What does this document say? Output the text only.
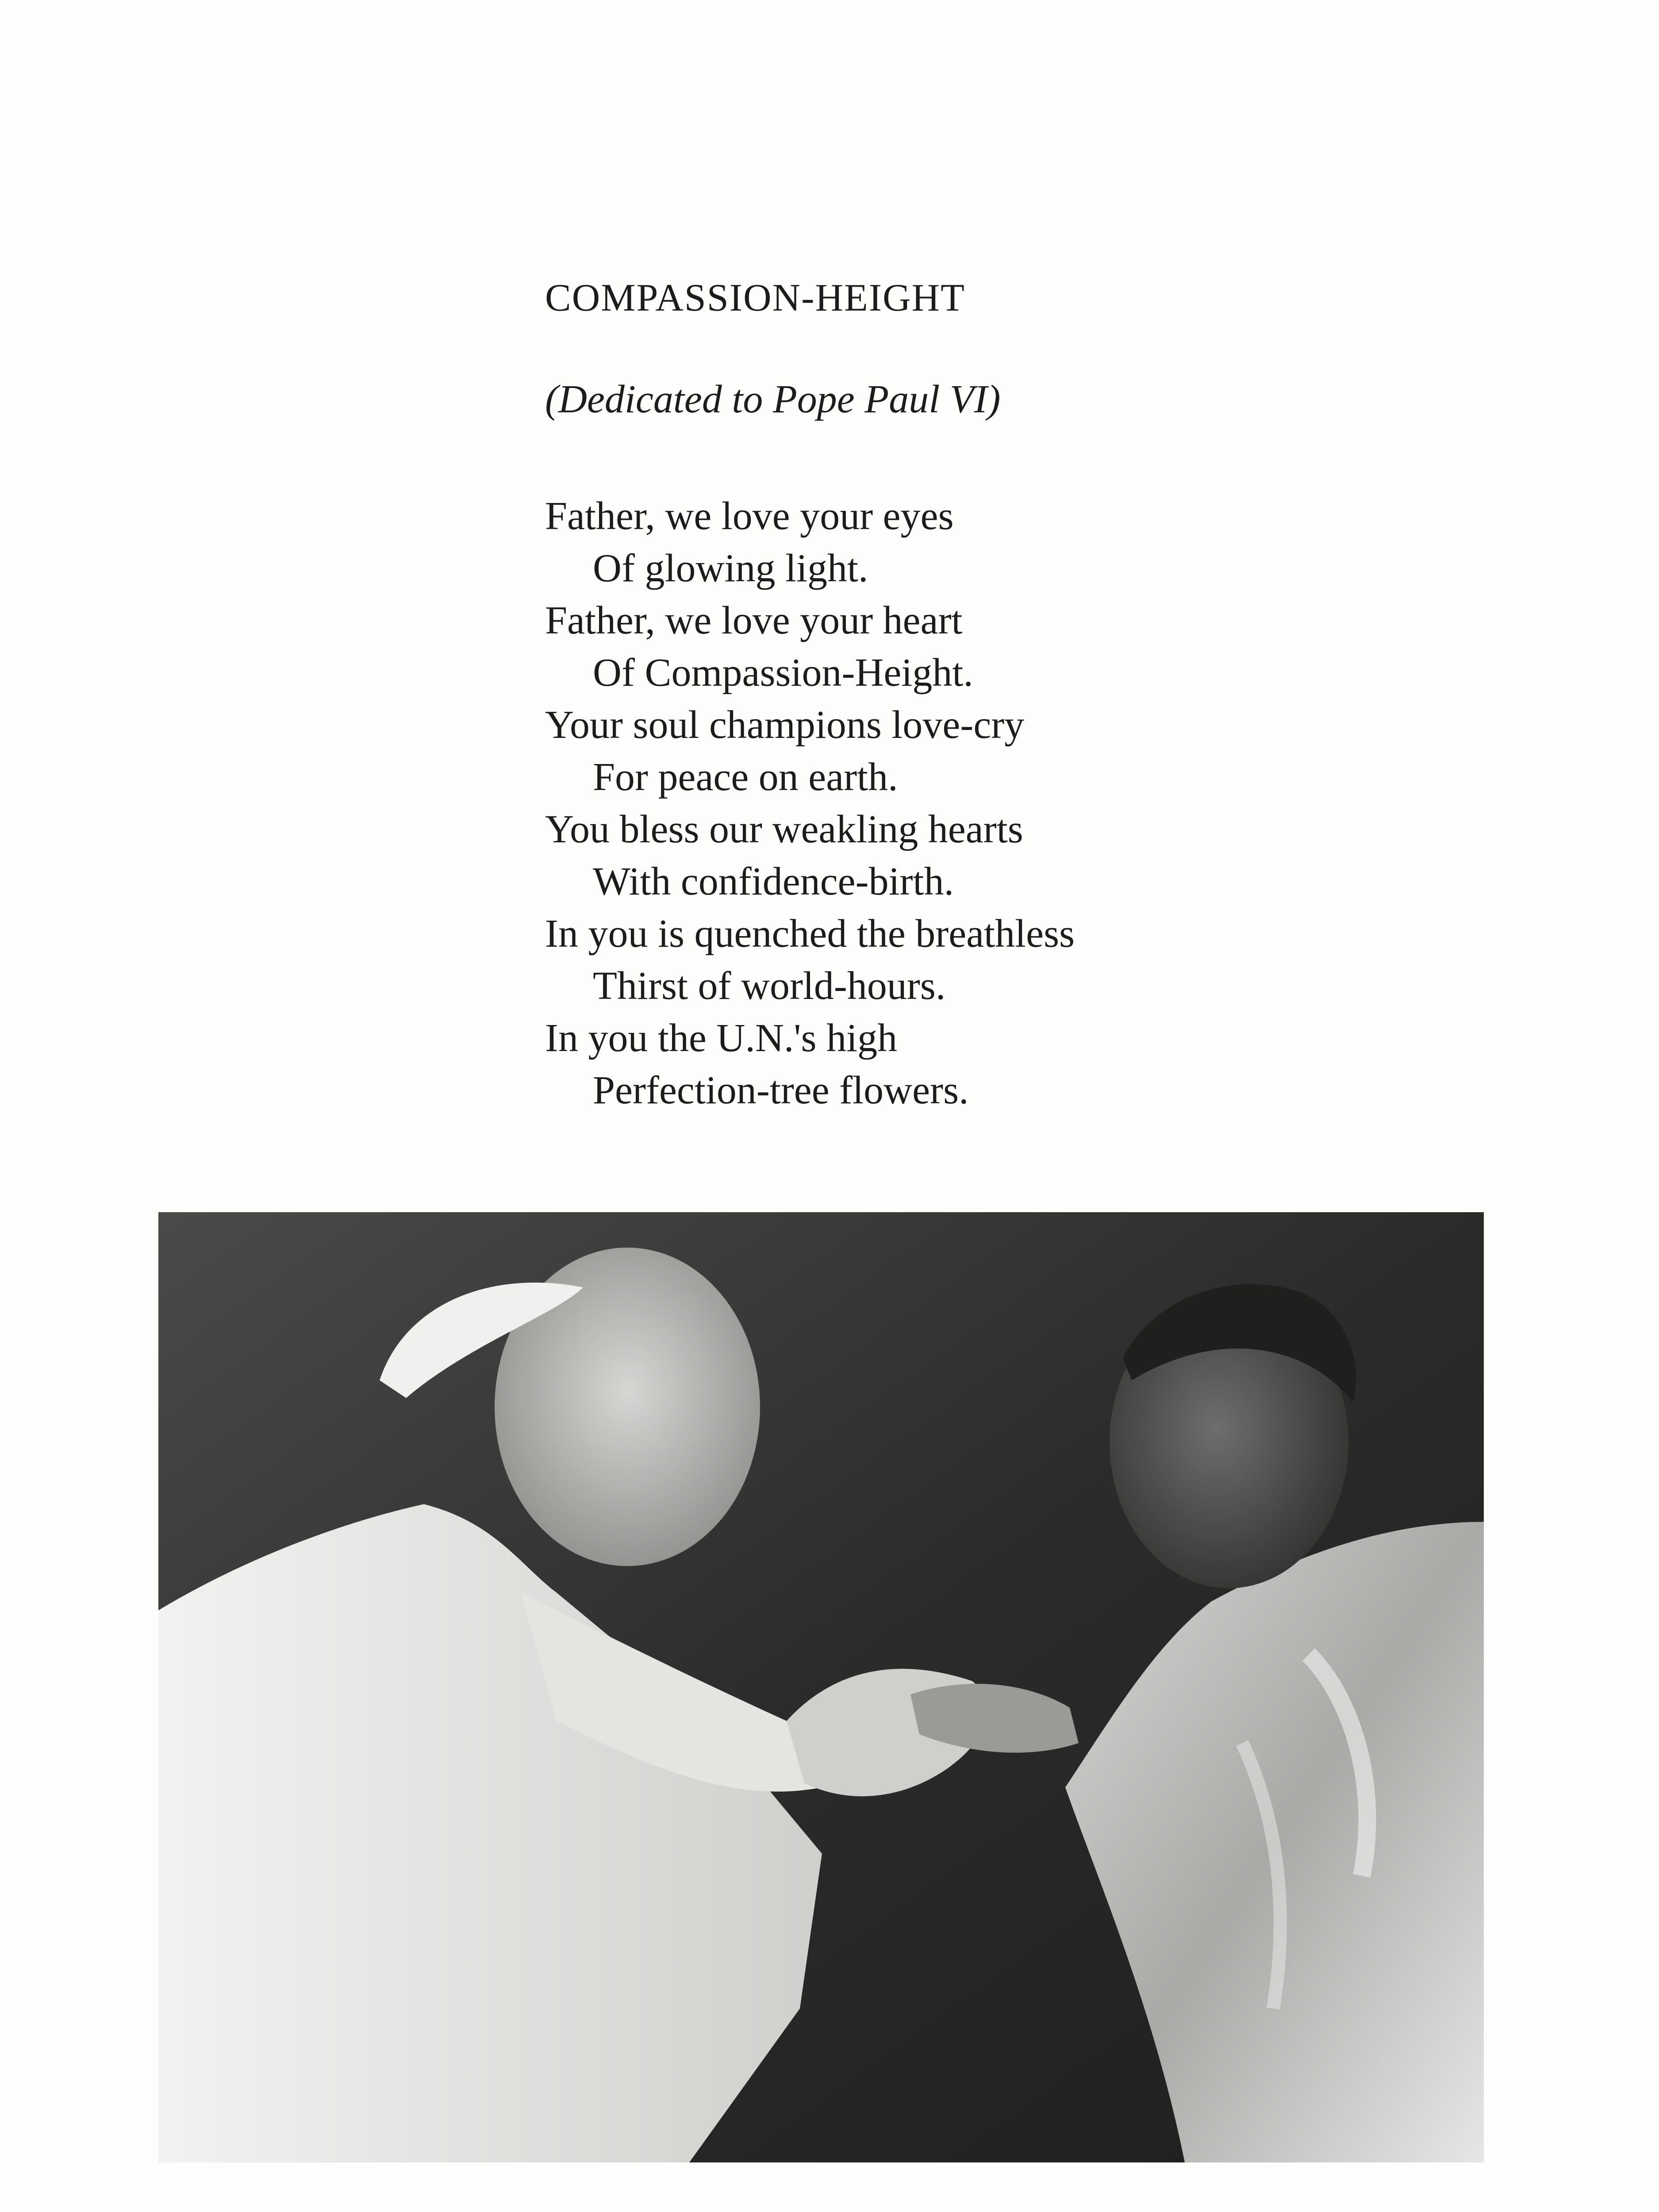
COMPASSION-HEIGHT
(Dedicated to Pope Paul VI)
Father, we love your eyes
Of glowing light.
Father, we love your heart
Of Compassion-Height.
Your soul champions love-cry
For peace on earth.
You bless our weakling hearts
With confidence-birth.
In you is quenched the breathless
Thirst of world-hours.
In you the U.N.'s high
Perfection-tree flowers.
